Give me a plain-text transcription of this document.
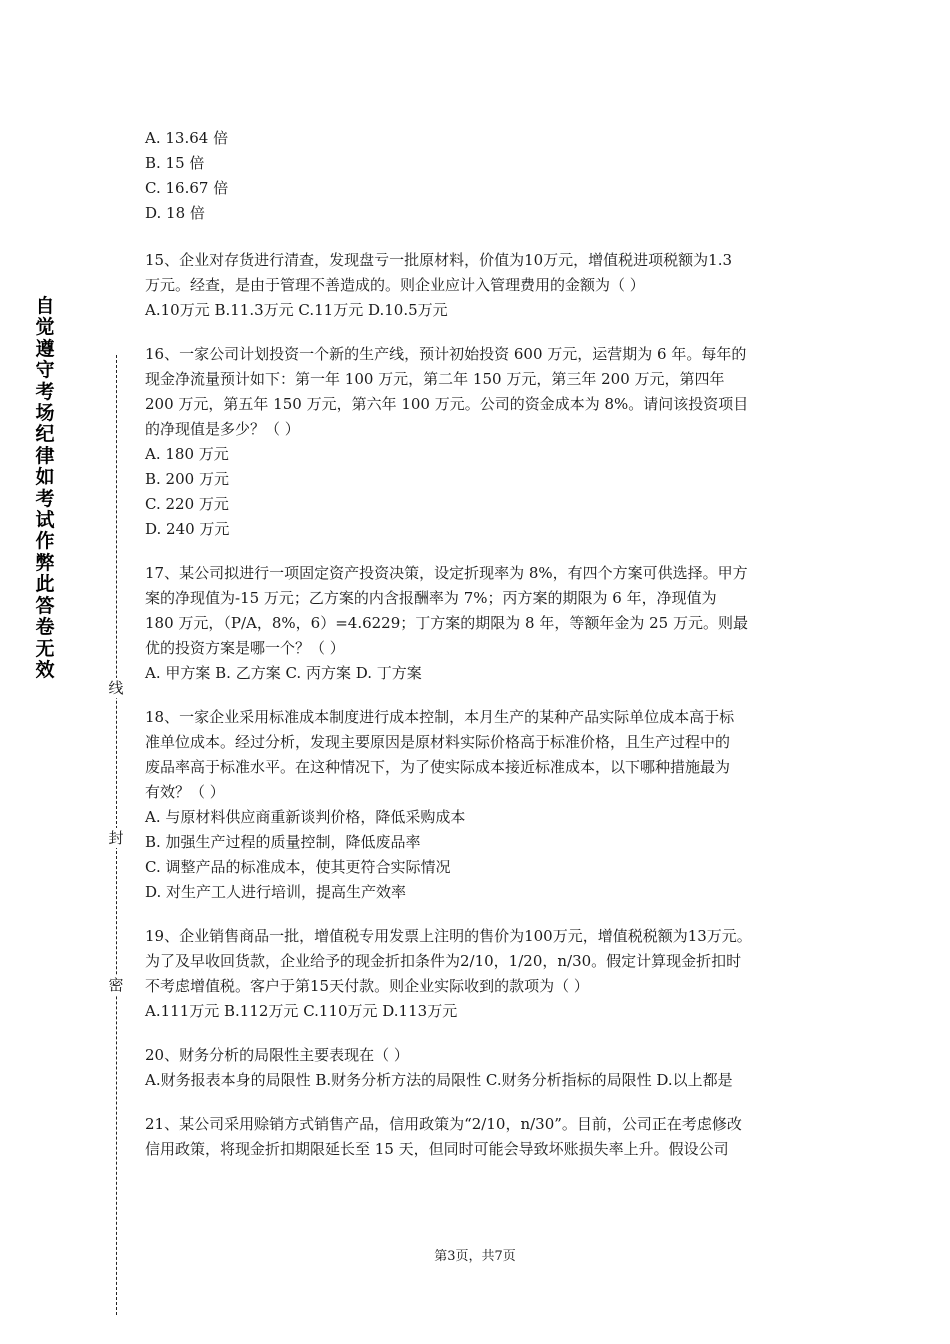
自
觉
遵
守
考
场
纪
律
如
考
试
作
弊
此
答
卷
无
效
线
封
密

A. 13.64 倍

B. 15 倍

C. 16.67 倍

D. 18 倍

15、企业对存货进行清查，发现盘亏一批原材料，价值为10万元，增值税进项税额为1.3

万元。经查，是由于管理不善造成的。则企业应计入管理费用的金额为（ ）

A.10万元 B.11.3万元 C.11万元 D.10.5万元

16、一家公司计划投资一个新的生产线，预计初始投资 600 万元，运营期为 6 年。每年的

现金净流量预计如下：第一年 100 万元，第二年 150 万元，第三年 200 万元，第四年

200 万元，第五年 150 万元，第六年 100 万元。公司的资金成本为 8%。请问该投资项目

的净现值是多少？（ ）

A. 180 万元

B. 200 万元

C. 220 万元

D. 240 万元

17、某公司拟进行一项固定资产投资决策，设定折现率为 8%，有四个方案可供选择。甲方

案的净现值为-15 万元；乙方案的内含报酬率为 7%；丙方案的期限为 6 年，净现值为

180 万元，（P/A，8%，6）=4.6229；丁方案的期限为 8 年，等额年金为 25 万元。则最

优的投资方案是哪一个？（ ）

A. 甲方案 B. 乙方案 C. 丙方案 D. 丁方案

18、一家企业采用标准成本制度进行成本控制，本月生产的某种产品实际单位成本高于标

准单位成本。经过分析，发现主要原因是原材料实际价格高于标准价格，且生产过程中的

废品率高于标准水平。在这种情况下，为了使实际成本接近标准成本，以下哪种措施最为

有效？（ ）

A. 与原材料供应商重新谈判价格，降低采购成本

B. 加强生产过程的质量控制，降低废品率

C. 调整产品的标准成本，使其更符合实际情况

D. 对生产工人进行培训，提高生产效率

19、企业销售商品一批，增值税专用发票上注明的售价为100万元，增值税税额为13万元。

为了及早收回货款，企业给予的现金折扣条件为2/10，1/20，n/30。假定计算现金折扣时

不考虑增值税。客户于第15天付款。则企业实际收到的款项为（ ）

A.111万元 B.112万元 C.110万元 D.113万元

20、财务分析的局限性主要表现在（ ）

A.财务报表本身的局限性 B.财务分析方法的局限性 C.财务分析指标的局限性 D.以上都是

21、某公司采用赊销方式销售产品，信用政策为“2/10，n/30”。目前，公司正在考虑修改

信用政策，将现金折扣期限延长至 15 天，但同时可能会导致坏账损失率上升。假设公司

第3页，共7页
